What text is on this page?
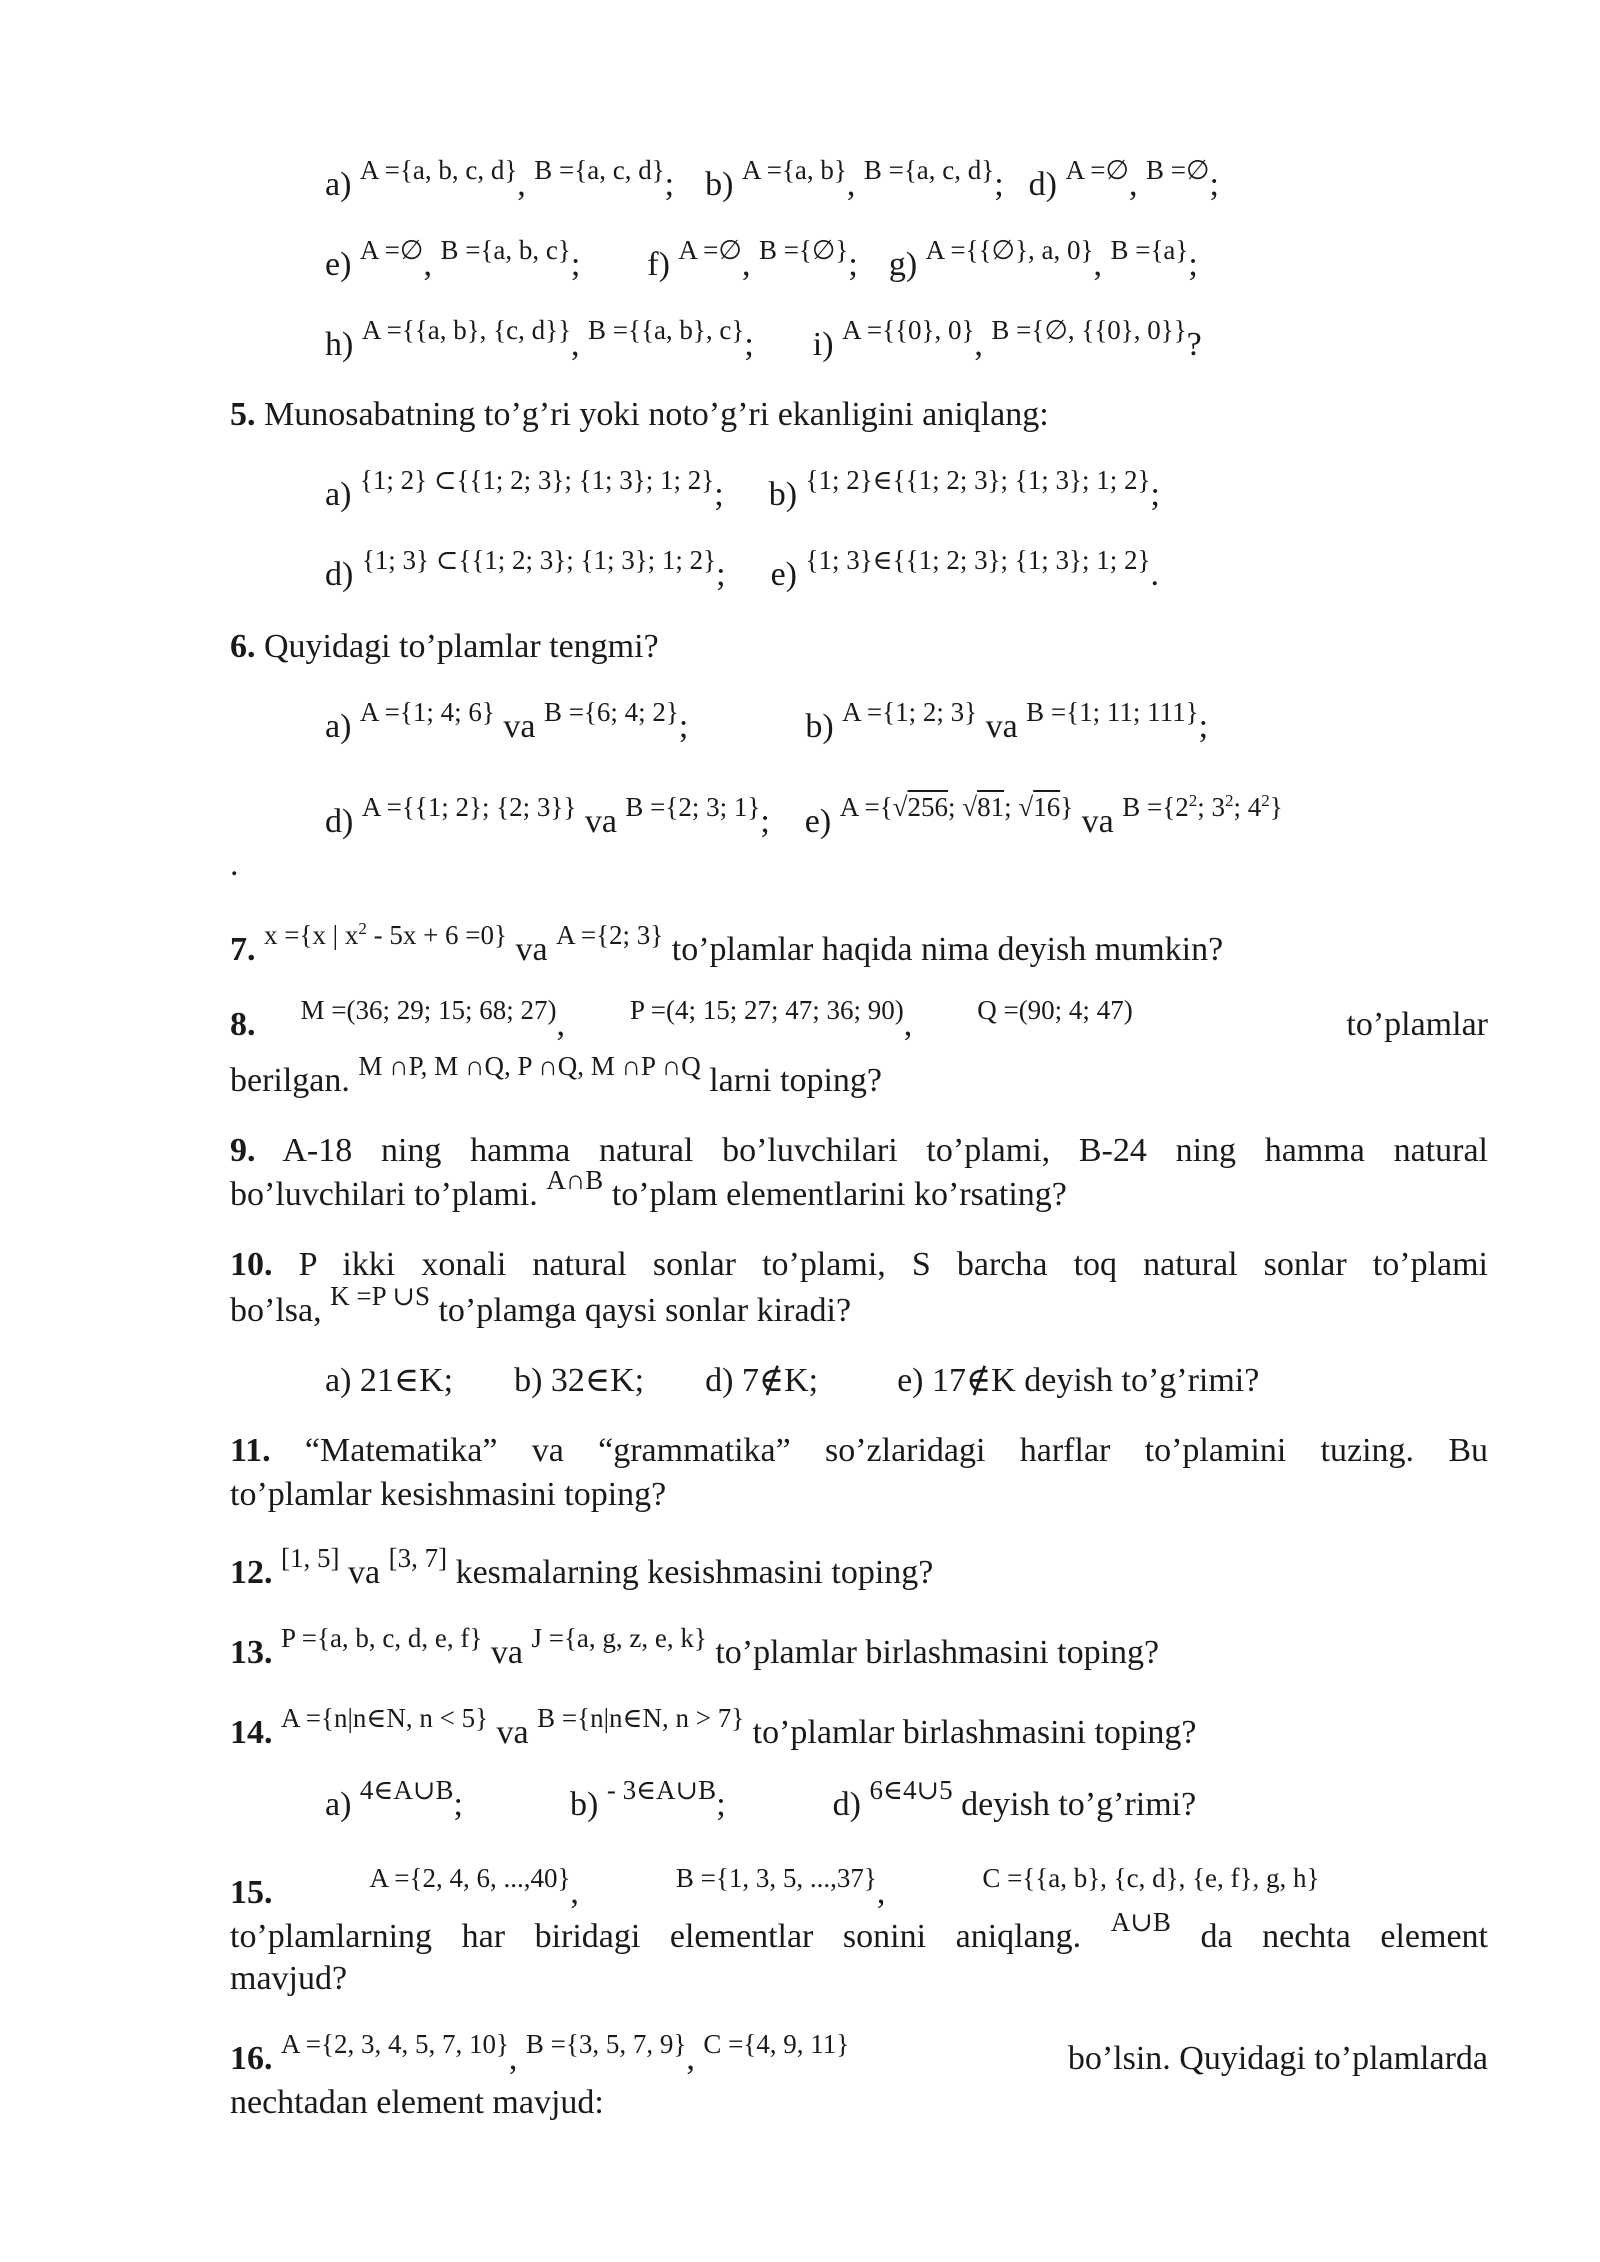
a) $^{A =\{a, b, c, d\}}$, $^{B =\{a, c, d\}}$; b) $^{A =\{a, b\}}$, $^{B =\{a, c, d\}}$; d) $^{A =\emptyset}$, $^{B =\emptyset}$;
e) $^{A =\emptyset}$, $^{B =\{a, b, c\}}$; f) $^{A =\emptyset}$, $^{B =\{\emptyset\}}$; g) $^{A =\{\{\emptyset\}, a, 0\}}$, $^{B =\{a\}}$;
h) $^{A =\{\{a, b\}, \{c, d\}\}}$, $^{B =\{\{a, b\}, c\}}$; i) $^{A =\{\{0\}, 0\}}$, $^{B =\{\emptyset, \{\{0\}, 0\}\}}$?
5. Munosabatning to’g’ri yoki noto’g’ri ekanligini aniqlang:
a) $^{\{1; 2\} \subset\{\{1; 2; 3\}; \{1; 3\}; 1; 2\}}$; b) $^{\{1; 2\}\in\{\{1; 2; 3\}; \{1; 3\}; 1; 2\}}$;
d) $^{\{1; 3\} \subset\{\{1; 2; 3\}; \{1; 3\}; 1; 2\}}$; e) $^{\{1; 3\}\in\{\{1; 2; 3\}; \{1; 3\}; 1; 2\}}$.
6. Quyidagi to’plamlar tengmi?
a) $^{A =\{1; 4; 6\}}$ va $^{B =\{6; 4; 2\}}$;	b) $^{A =\{1; 2; 3\}}$ va $^{B =\{1; 11; 111\}}$;
d) $^{A =\{\{1; 2\}; \{2; 3\}\}}$ va $^{B =\{2; 3; 1\}}$; e) $^{A =\{√256; √81; √16\}}$ va $^{B =\{2^2; 3^2; 4^2\}}$
.
7. $^{x =\{x | x^2 - 5x + 6 =0\}}$ va $^{A =\{2; 3\}}$ to’plamlar haqida nima deyish mumkin?
8. $^{M =(36; 29; 15; 68; 27)}$, $^{P =(4; 15; 27; 47; 36; 90)}$, $^{Q =(90; 4; 47)}$	to’plamlar
berilgan. $^{M \cap P, M \cap Q, P \cap Q, M \cap P \cap Q}$ larni toping?
9. A-18 ning hamma natural bo’luvchilari to’plami, B-24 ning hamma natural
bo’luvchilari to’plami. $^{A\cap B}$ to’plam elementlarini ko’rsating?
10. P ikki xonali natural sonlar to’plami, S barcha toq natural sonlar to’plami
bo’lsa, $^{K =P \cup S}$ to’plamga qaysi sonlar kiradi?
a) 21∈K; b) 32∈K; d) 7∉K; e) 17∉K deyish to’g’rimi?
11. “Matematika” va “grammatika” so’zlaridagi harflar to’plamini tuzing. Bu
to’plamlar kesishmasini toping?
12. [1, 5] va [3, 7] kesmalarning kesishmasini toping?
13. $^{P =\{a, b, c, d, e, f\}}$ va $^{J =\{a, g, z, e, k\}}$ to’plamlar birlashmasini toping?
14. $^{A =\{n|n\in N, n < 5\}}$ va $^{B =\{n|n\in N, n > 7\}}$ to’plamlar birlashmasini toping?
a) $^{4\in A\cup B}$;	b) $^{- 3\in A\cup B}$;	d) $^{6\in 4\cup 5}$ deyish to’g’rimi?
15.	$^{A =\{2, 4, 6, ...,40\}}$,	$^{B =\{1, 3, 5, ...,37\}}$,	$^{C =\{\{a, b\}, \{c, d\}, \{e, f\}, g, h\}}$
to’plamlarning har biridagi elementlar sonini aniqlang. $^{A\cup B}$ da nechta element
mavjud?
16. $^{A =\{2, 3, 4, 5, 7, 10\}}$, $^{B =\{3, 5, 7, 9\}}$, $^{C =\{4, 9, 11\}}$	bo’lsin. Quyidagi to’plamlarda
nechtadan element mavjud:
